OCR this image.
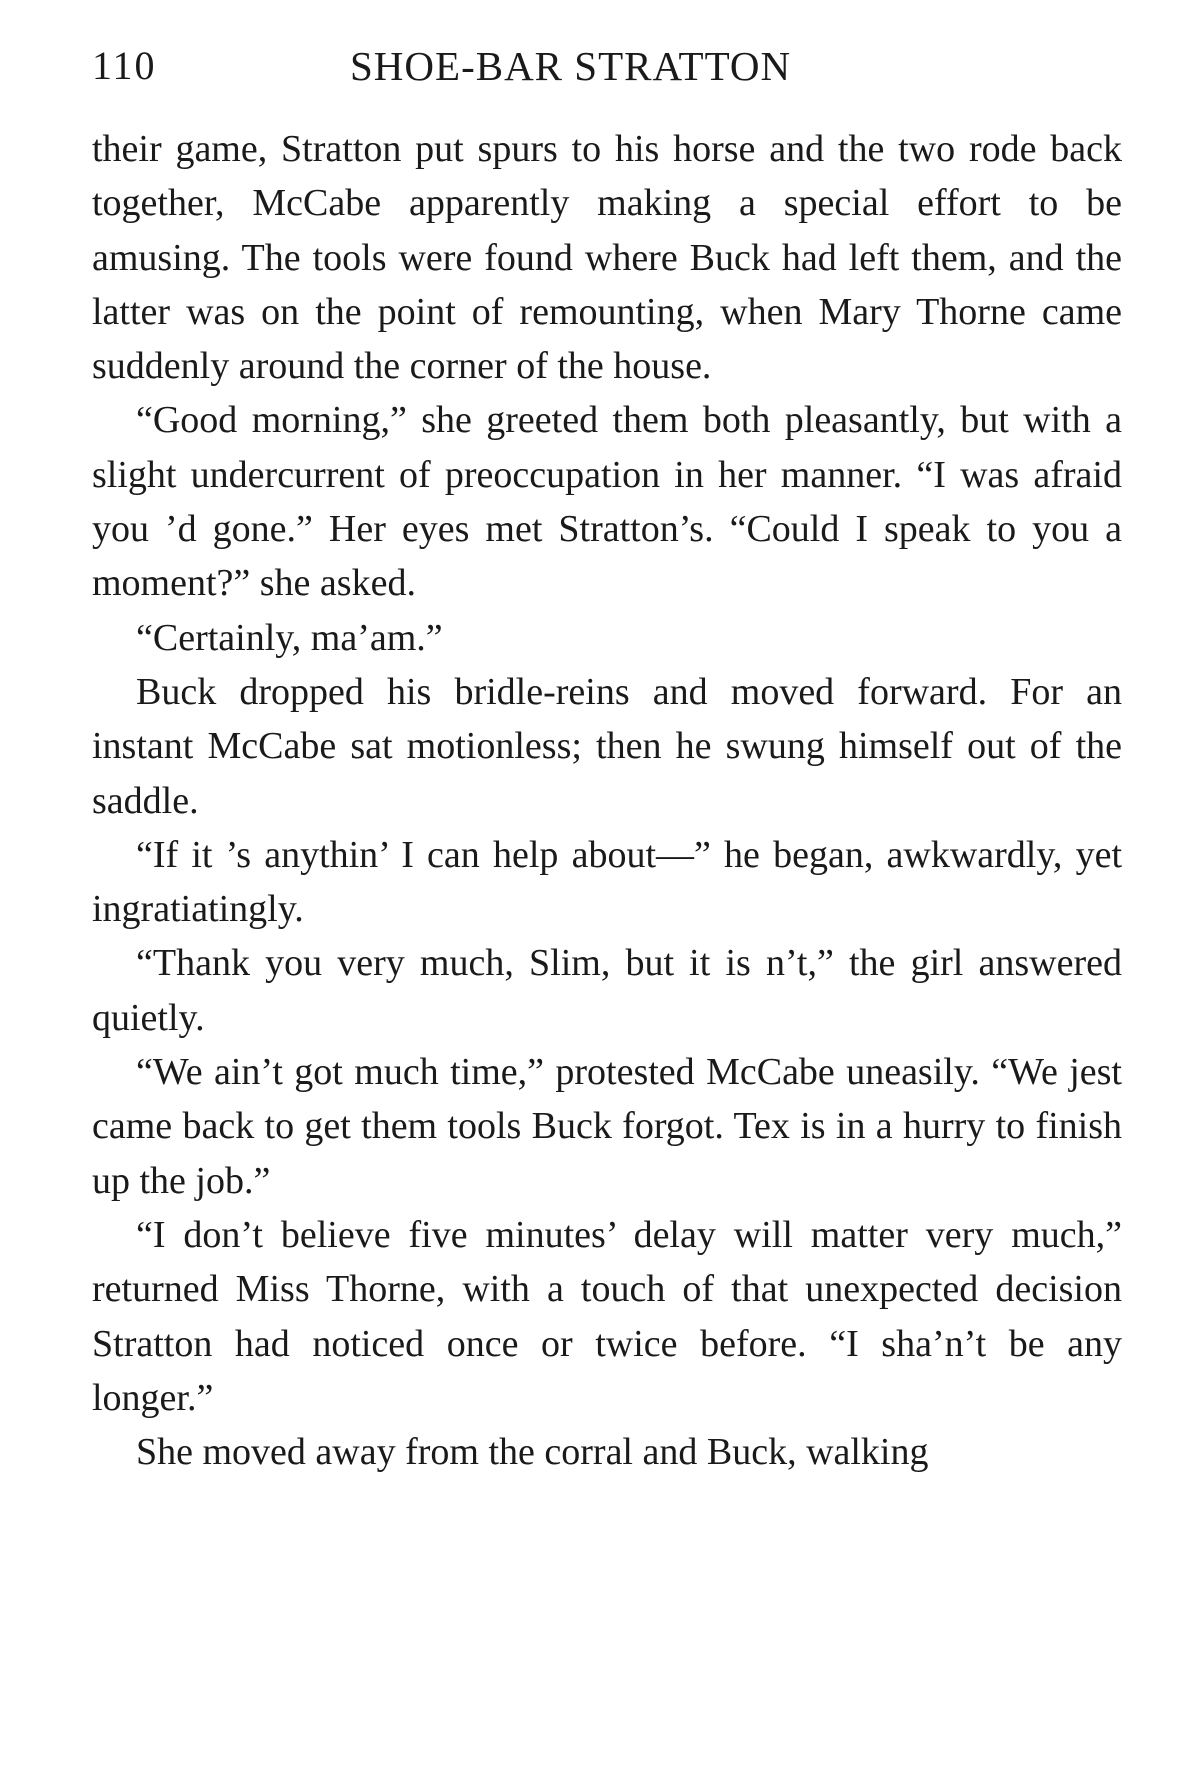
110	SHOE-BAR STRATTON

their game, Stratton put spurs to his horse and the two rode back together, McCabe apparently making a special effort to be amusing. The tools were found where Buck had left them, and the latter was on the point of remounting, when Mary Thorne came suddenly around the corner of the house.

“Good morning,” she greeted them both pleasantly, but with a slight undercurrent of preoccupation in her manner. “I was afraid you ’d gone.” Her eyes met Stratton’s. “Could I speak to you a moment?” she asked.

“Certainly, ma’am.”

Buck dropped his bridle-reins and moved forward. For an instant McCabe sat motionless; then he swung himself out of the saddle.

“If it ’s anythin’ I can help about—” he began, awkwardly, yet ingratiatingly.

“Thank you very much, Slim, but it is n’t,” the girl answered quietly.

“We ain’t got much time,” protested McCabe uneasily. “We jest came back to get them tools Buck forgot. Tex is in a hurry to finish up the job.”

“I don’t believe five minutes’ delay will matter very much,” returned Miss Thorne, with a touch of that unexpected decision Stratton had noticed once or twice before. “I sha’n’t be any longer.”

She moved away from the corral and Buck, walking
